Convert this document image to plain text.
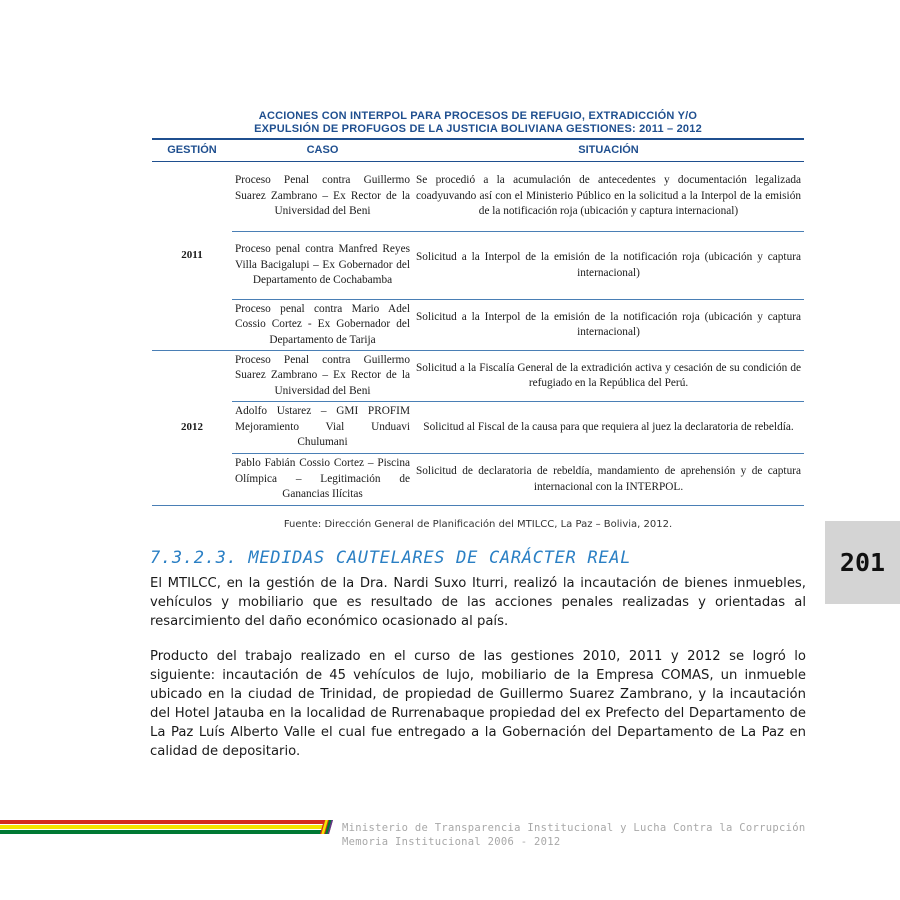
ACCIONES CON INTERPOL PARA PROCESOS DE REFUGIO, EXTRADICCIÓN Y/O
EXPULSIÓN DE PROFUGOS DE LA JUSTICIA BOLIVIANA GESTIONES: 2011 – 2012
GESTIÓN	CASO	SITUACIÓN
2011	Proceso Penal contra Guillermo Suarez Zambrano – Ex Rector de la Universidad del Beni	Se procedió a la acumulación de antecedentes y documentación legalizada coadyuvando así con el Ministerio Público en la solicitud a la Interpol de la emisión de la notificación roja (ubicación y captura internacional)
	Proceso penal contra Manfred Reyes Villa Bacigalupi – Ex Gobernador del Departamento de Cochabamba	Solicitud a la Interpol de la emisión de la notificación roja (ubicación y captura internacional)
	Proceso penal contra Mario Adel Cossio Cortez - Ex Gobernador del Departamento de Tarija	Solicitud a la Interpol de la emisión de la notificación roja (ubicación y captura internacional)
2012	Proceso Penal contra Guillermo Suarez Zambrano – Ex Rector de la Universidad del Beni	Solicitud a la Fiscalía General de la extradición activa y cesación de su condición de refugiado en la República del Perú.
	Adolfo Ustarez – GMI PROFIM Mejoramiento Vial Unduavi Chulumani	Solicitud al Fiscal de la causa para que requiera al juez la declaratoria de rebeldía.
	Pablo Fabián Cossio Cortez – Piscina Olímpica – Legitimación de Ganancias Ilícitas	Solicitud de declaratoria de rebeldía, mandamiento de aprehensión y de captura internacional con la INTERPOL.
Fuente: Dirección General de Planificación del MTILCC, La Paz – Bolivia, 2012.
7.3.2.3. MEDIDAS CAUTELARES DE CARÁCTER REAL	201

El MTILCC, en la gestión de la Dra. Nardi Suxo Iturri, realizó la incautación de bienes inmuebles, vehículos y mobiliario que es resultado de las acciones penales realizadas y orientadas al resarcimiento del daño económico ocasionado al país.

Producto del trabajo realizado en el curso de las gestiones 2010, 2011 y 2012 se logró lo siguiente: incautación de 45 vehículos de lujo, mobiliario de la Empresa COMAS, un inmueble ubicado en la ciudad de Trinidad, de propiedad de Guillermo Suarez Zambrano, y la incautación del Hotel Jatauba en la localidad de Rurrenabaque propiedad del ex Prefecto del Departamento de La Paz Luís Alberto Valle el cual fue entregado a la Gobernación del Departamento de La Paz en calidad de depositario.

Ministerio de Transparencia Institucional y Lucha Contra la Corrupción
Memoria Institucional 2006 - 2012
